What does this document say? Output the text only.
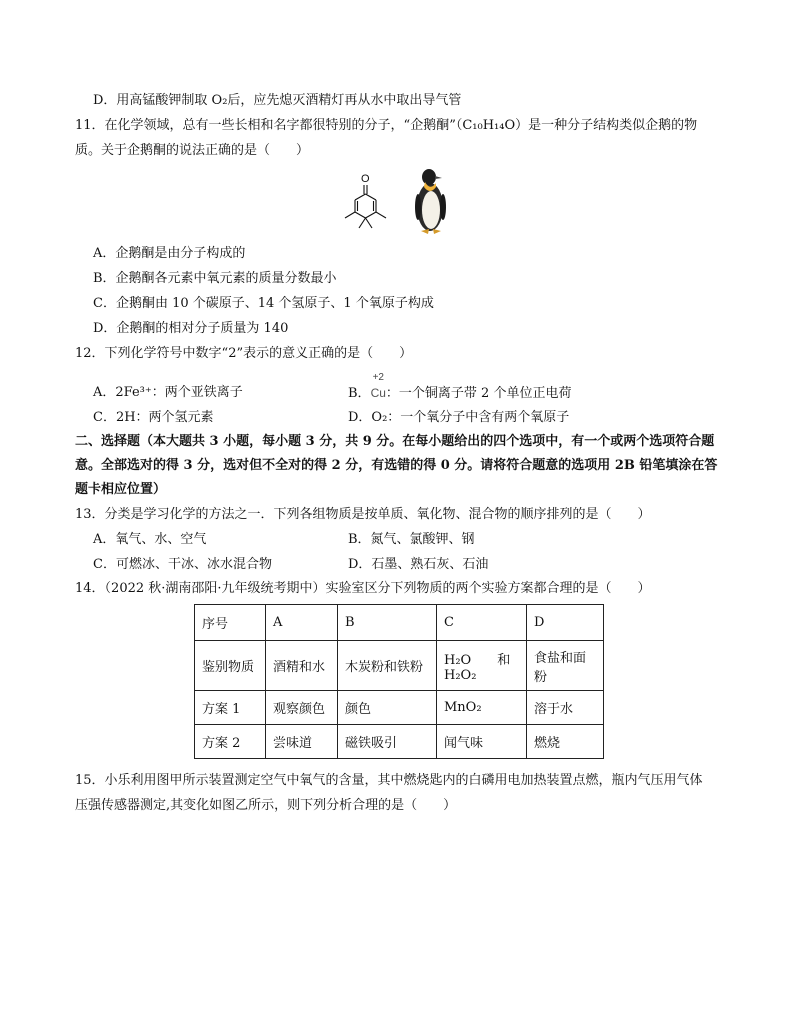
D．用高锰酸钾制取 O₂后，应先熄灭酒精灯再从水中取出导气管
11．在化学领域，总有一些长相和名字都很特别的分子，“企鹅酮”（C₁₀H₁₄O）是一种分子结构类似企鹅的物
质。关于企鹅酮的说法正确的是（　　）
O
A．企鹅酮是由分子构成的
B．企鹅酮各元素中氧元素的质量分数最小
C．企鹅酮由 10 个碳原子、14 个氢原子、1 个氧原子构成
D．企鹅酮的相对分子质量为 140
12．下列化学符号中数字“2”表示的意义正确的是（　　）
A．2Fe³⁺：两个亚铁离子	B．
+2
Cu：一个铜离子带 2 个单位正电荷
C．2H：两个氢元素	D．O₂：一个氧分子中含有两个氧原子
二、选择题（本大题共 3 小题，每小题 3 分，共 9 分。在每小题给出的四个选项中，有一个或两个选项符合题
意。全部选对的得 3 分，选对但不全对的得 2 分，有选错的得 0 分。请将符合题意的选项用 2B 铅笔填涂在答
题卡相应位置）
13．分类是学习化学的方法之一．下列各组物质是按单质、氧化物、混合物的顺序排列的是（　　）
A．氧气、水、空气	B．氮气、氯酸钾、钢
C．可燃冰、干冰、冰水混合物	D．石墨、熟石灰、石油
14．（2022 秋·湖南邵阳·九年级统考期中）实验室区分下列物质的两个实验方案都合理的是（　　）
序号	A	B	C	D
鉴别物质	酒精和水	木炭粉和铁粉	H₂O　　和
H₂O₂	食盐和面粉
方案 1	观察颜色	颜色	MnO₂	溶于水
方案 2	尝味道	磁铁吸引	闻气味	燃烧
15．小乐利用图甲所示装置测定空气中氧气的含量，其中燃烧匙内的白磷用电加热装置点燃，瓶内气压用气体
压强传感器测定,其变化如图乙所示，则下列分析合理的是（　　）
